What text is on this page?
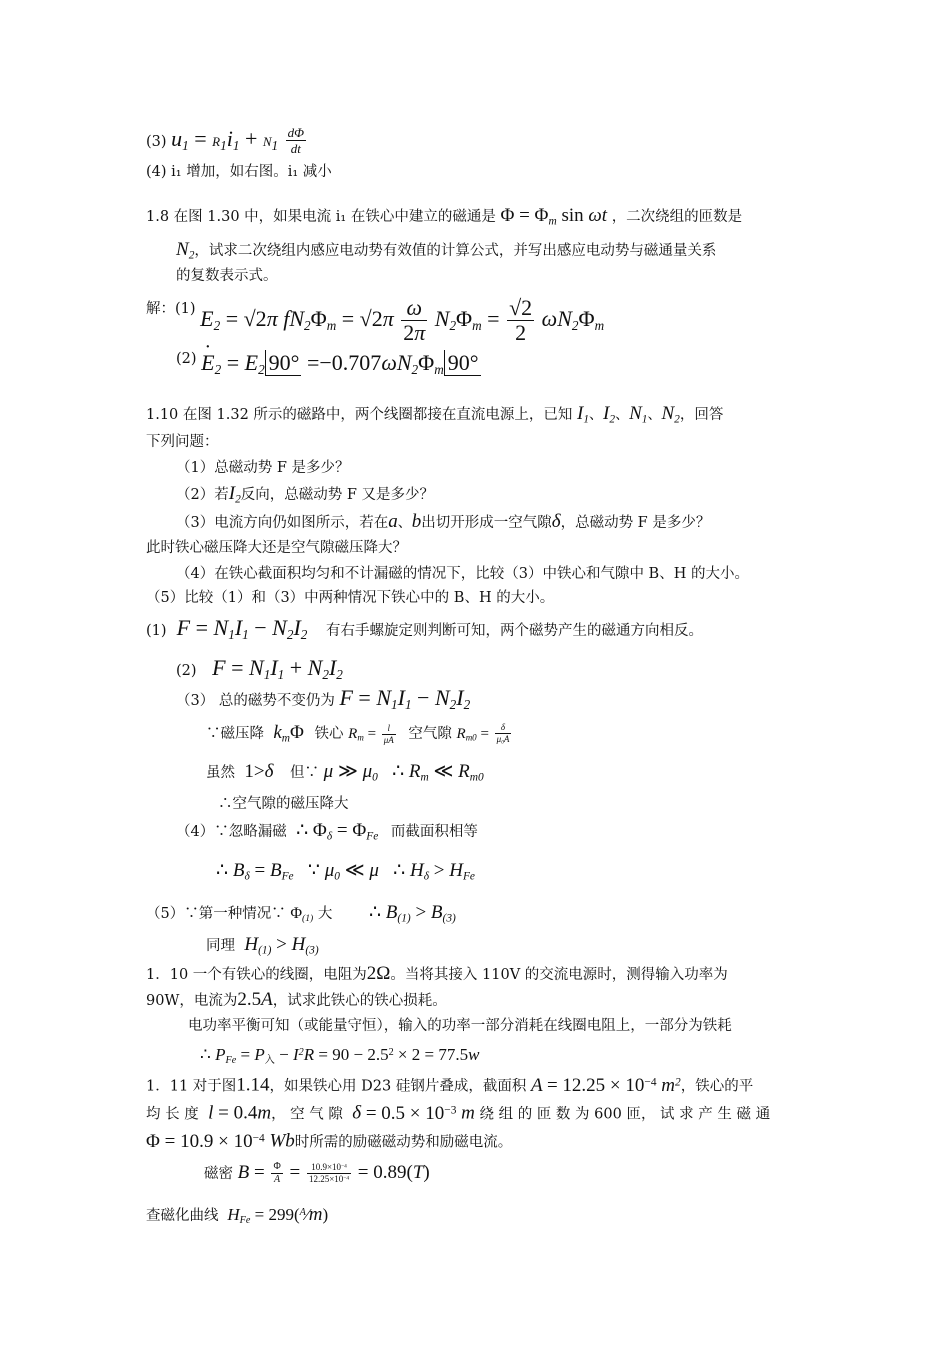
(3) $u_1 = R_1i_1 + N_1 \frac{d\Phi}{dt}$
(4) i₁ 增加，如右图。i₁ 减小
1.8 在图 1.30 中，如果电流 i₁ 在铁心中建立的磁通是 $\Phi = \Phi_m$ sin ωt ，二次绕组的匝数是
$N_2$，试求二次绕组内感应电动势有效值的计算公式，并写出感应电动势与磁通量关系
的复数表示式。
解：(1) $E_2 = √2\pi$ $fN_2\Phi_m = √2\pi \frac{\omega}{2\pi} N_2\Phi_m = \frac{√2}{2} \omega N_2\Phi_m$
(2) E $˙_2 = E_2$ $90^\circ =-0.707\omega N_2\Phi_m$ 90°
1.10 在图 1.32 所示的磁路中，两个线圈都接在直流电源上，已知 $I_1$、$I_2$、$N_1$、$N_2$，回答
下列问题：
（1）总磁动势 F 是多少？
（2）若$I_2$反向，总磁动势 F 又是多少？
（3）电流方向仍如图所示，若在a、b出切开形成一空气隙δ，总磁动势 F 是多少？
此时铁心磁压降大还是空气隙磁压降大？
（4）在铁心截面积均匀和不计漏磁的情况下，比较（3）中铁心和气隙中 B、H 的大小。
（5）比较（1）和（3）中两种情况下铁心中的 B、H 的大小。
(1)  $F = N_1I_1 - N_2I_2$ 有右手螺旋定则判断可知，两个磁势产生的磁通方向相反。
(2)   $F = N_1I_1 + N_2I_2$
（3） 总的磁势不变仍为 $F = N_1I_1 - N_2I_2$
∵磁压降  $k_m\Phi$ 铁心 $R_m = \frac{l}{\mu A}$ 空气隙 $R_{m0} = \frac{\delta}{\mu_0A}$
虽然 1>δ 但∵ μ ≫ $\mu_0$ ∴ $R_m$ ≪ $R_{m0}$
∴空气隙的磁压降大
（4）∵忽略漏磁 ∴ $\Phi_\delta = \Phi_{Fe}$ 而截面积相等
∴ $B_\delta = B_{Fe}$ ∵ $\mu_0$ ≪ μ   ∴ $H_\delta > H_{Fe}$
（5）∵第一种情况∵ $\Phi_{(1)}$ 大 ∴ $B_{(1)} > B_{(3)}$
同理  $H_{(1)} > H_{(3)}$
1．10 一个有铁心的线圈，电阻为2Ω。当将其接入 110V 的交流电源时，测得输入功率为
90W，电流为2.5A，试求此铁心的铁心损耗。
电功率平衡可知（或能量守恒），输入的功率一部分消耗在线圈电阻上，一部分为铁耗
∴ $P_{Fe} = P_入 - I^2R = 90 - 2.5^2 \times 2 = 77.5w$
1．11 对于图1.14，如果铁心用 D23 硅钢片叠成，截面积 $A = 12.25 \times 10^{-4}$ $m^2$，铁心的平
均 长 度  l = 0.4m， 空 气 隙  $\delta = 0.5 \times 10^{-3}$ m 绕 组 的 匝 数 为 600 匝， 试 求 产 生 磁 通
$\Phi = 10.9 \times 10^{-4}$ Wb时所需的励磁磁动势和励磁电流。
磁密 $B = \frac{\Phi}{A} = \frac{10.9\times 10^{-4}}{12.25\times 10^{-4}} = 0.89(T)$
查磁化曲线  $H_{Fe}$ = 299($^A$⁄m)
